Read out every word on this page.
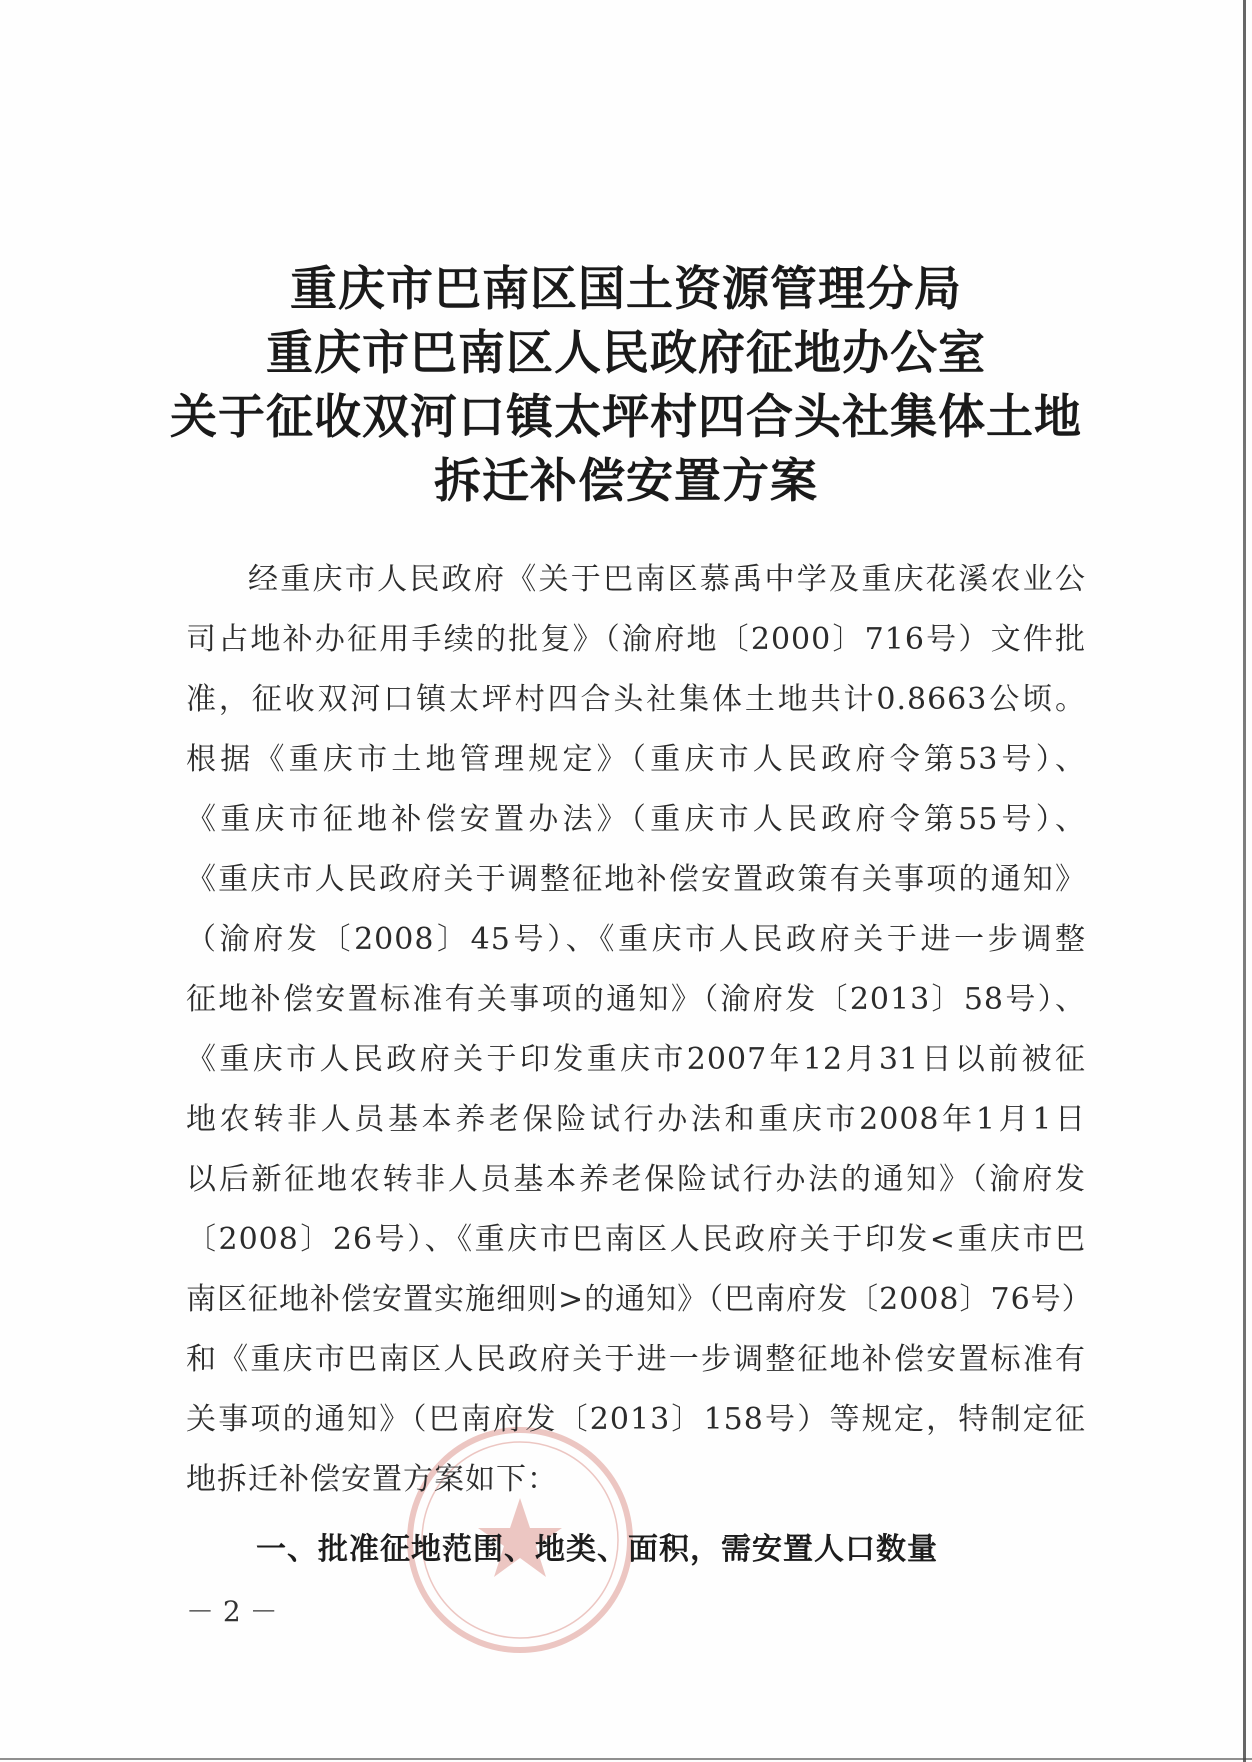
重庆市巴南区国土资源管理分局
重庆市巴南区人民政府征地办公室
关于征收双河口镇太坪村四合头社集体土地
拆迁补偿安置方案
经重庆市人民政府《关于巴南区慕禹中学及重庆花溪农业公
司占地补办征用手续的批复》（渝府地〔2000〕716号）文件批
准，征收双河口镇太坪村四合头社集体土地共计0.8663公顷。
根据《重庆市土地管理规定》（重庆市人民政府令第53号）、
《重庆市征地补偿安置办法》（重庆市人民政府令第55号）、
《重庆市人民政府关于调整征地补偿安置政策有关事项的通知》
（渝府发〔2008〕45号）、《重庆市人民政府关于进一步调整
征地补偿安置标准有关事项的通知》（渝府发〔2013〕58号）、
《重庆市人民政府关于印发重庆市2007年12月31日以前被征
地农转非人员基本养老保险试行办法和重庆市2008年1月1日
以后新征地农转非人员基本养老保险试行办法的通知》（渝府发
〔2008〕26号）、《重庆市巴南区人民政府关于印发<重庆市巴
南区征地补偿安置实施细则>的通知》（巴南府发〔2008〕76号）
和《重庆市巴南区人民政府关于进一步调整征地补偿安置标准有
关事项的通知》（巴南府发〔2013〕158号）等规定，特制定征
地拆迁补偿安置方案如下：
一、批准征地范围、地类、面积，需安置人口数量
－ 2 －
